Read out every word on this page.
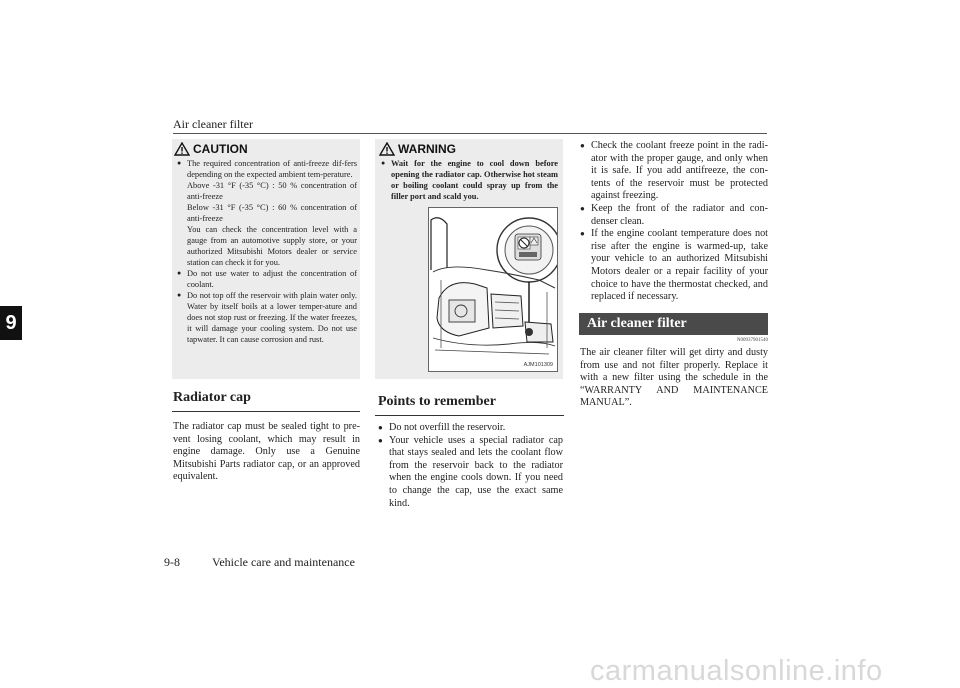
Air cleaner filter
9
CAUTION

● The required concentration of anti-freeze dif-fers depending on the expected ambient tem-perature.

Above -31 °F (-35 °C) : 50 % concentration of anti-freeze

Below -31 °F (-35 °C) : 60 % concentration of anti-freeze

You can check the concentration level with a gauge from an automotive supply store, or your authorized Mitsubishi Motors dealer or service station can check it for you.

● Do not use water to adjust the concentration of coolant.

● Do not top off the reservoir with plain water only. Water by itself boils at a lower temper-ature and does not stop rust or freezing. If the water freezes, it will damage your cooling system. Do not use tapwater. It can cause corrosion and rust.

Radiator cap
The radiator cap must be sealed tight to pre-vent losing coolant, which may result in engine damage. Only use a Genuine Mitsubishi Parts radiator cap, or an approved equivalent.
WARNING
● Wait for the engine to cool down before opening the radiator cap. Otherwise hot steam or boiling coolant could spray up from the filler port and scald you.
AJM101309
Points to remember
● Do not overfill the reservoir.
● Your vehicle uses a special radiator cap that stays sealed and lets the coolant flow from the reservoir back to the radiator when the engine cools down. If you need to change the cap, use the exact same kind.
● Check the coolant freeze point in the radi-ator with the proper gauge, and only when it is safe. If you add antifreeze, the con-tents of the reservoir must be protected against freezing.
● Keep the front of the radiator and con-denser clean.
● If the engine coolant temperature does not rise after the engine is warmed-up, take your vehicle to an authorized Mitsubishi Motors dealer or a repair facility of your choice to have the thermostat checked, and replaced if necessary.
Air cleaner filter
N00937901540
The air cleaner filter will get dirty and dusty from use and not filter properly. Replace it with a new filter using the schedule in the “WARRANTY AND MAINTENANCE MANUAL”.
9-8	Vehicle care and maintenance
carmanualsonline.info
